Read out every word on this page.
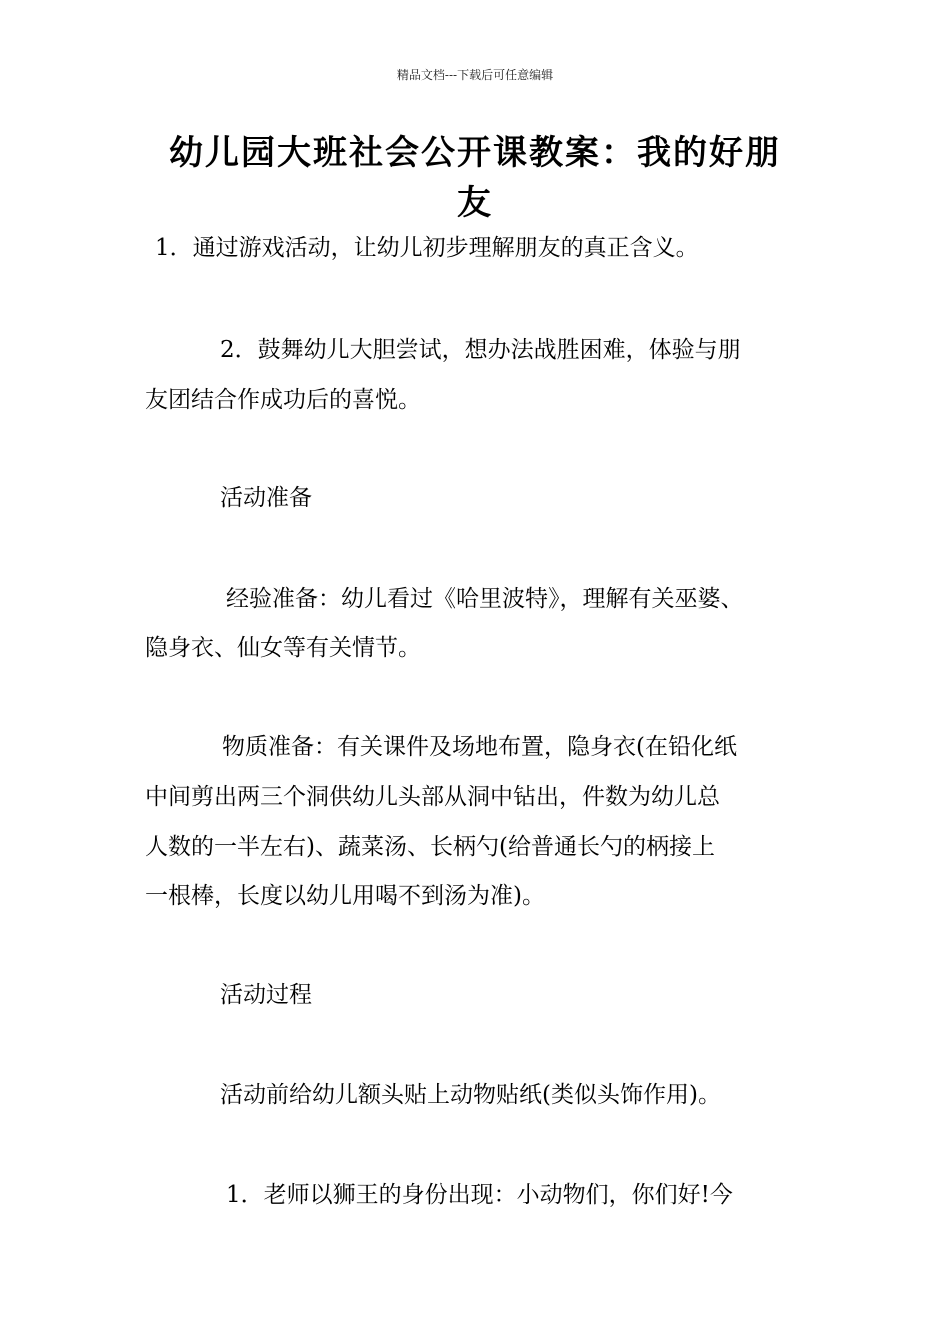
精品文档---下载后可任意编辑
幼儿园大班社会公开课教案：我的好朋
友

1．通过游戏活动，让幼儿初步理解朋友的真正含义。

2．鼓舞幼儿大胆尝试，想办法战胜困难，体验与朋

友团结合作成功后的喜悦。

活动准备

经验准备：幼儿看过《哈里波特》，理解有关巫婆、

隐身衣、仙女等有关情节。

物质准备：有关课件及场地布置，隐身衣(在铅化纸

中间剪出两三个洞供幼儿头部从洞中钻出，件数为幼儿总

人数的一半左右)、蔬菜汤、长柄勺(给普通长勺的柄接上

一根棒，长度以幼儿用喝不到汤为准)。

活动过程

活动前给幼儿额头贴上动物贴纸(类似头饰作用)。

1．老师以狮王的身份出现：小动物们，你们好!今
